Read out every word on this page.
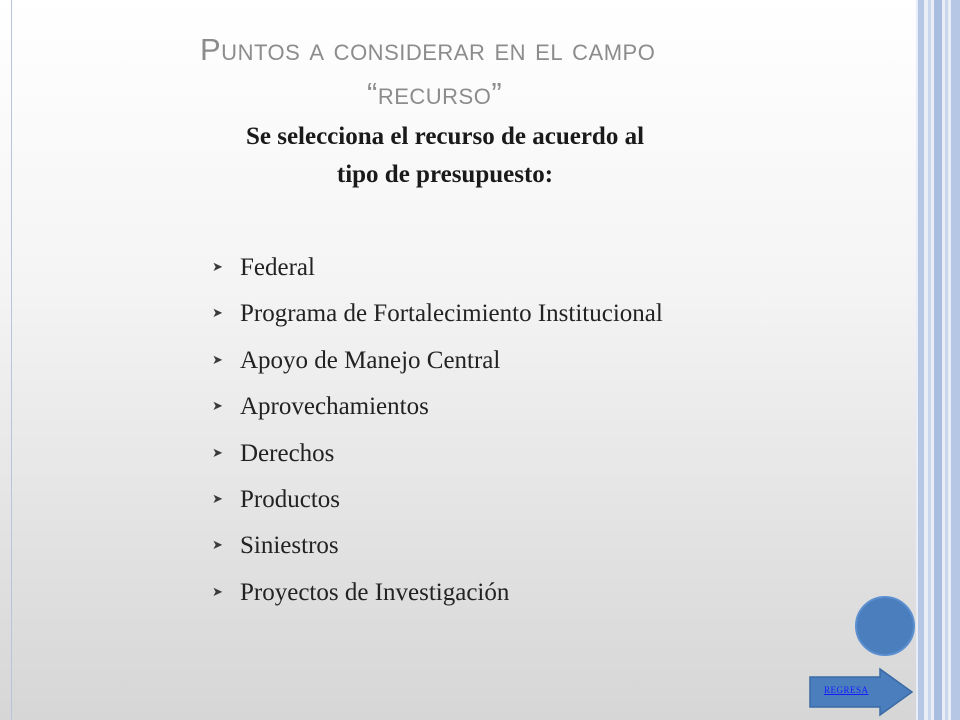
Puntos a considerar en el campo
“recurso”
Se selecciona el recurso de acuerdo al
tipo de presupuesto:
➤ Federal
➤ Programa de Fortalecimiento Institucional
➤ Apoyo de Manejo Central
➤ Aprovechamientos
➤ Derechos
➤ Productos
➤ Siniestros
➤ Proyectos de Investigación
REGRESA
